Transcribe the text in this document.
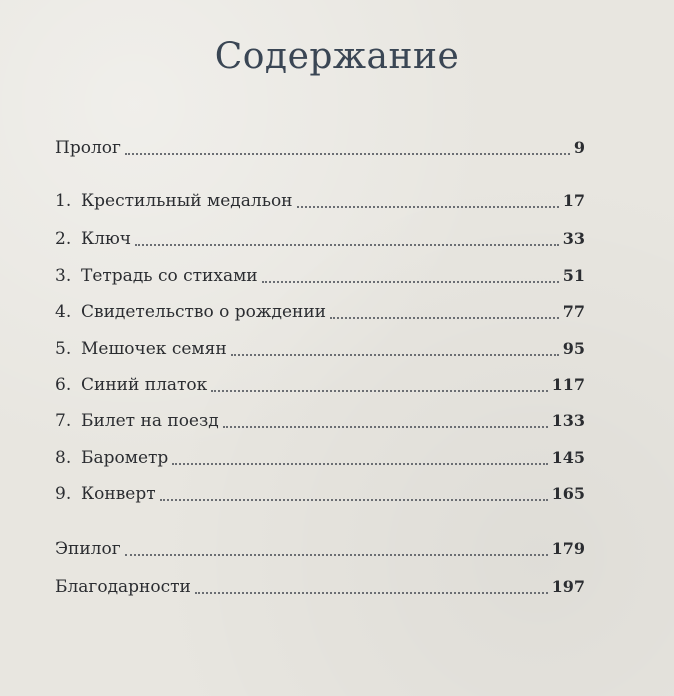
Содержание
Пролог	9
1. Крестильный медальон	17
2. Ключ	33
3. Тетрадь со стихами	51
4. Свидетельство о рождении	77
5. Мешочек семян	95
6. Синий платок	117
7. Билет на поезд	133
8. Барометр	145
9. Конверт	165
Эпилог	179
Благодарности	197
